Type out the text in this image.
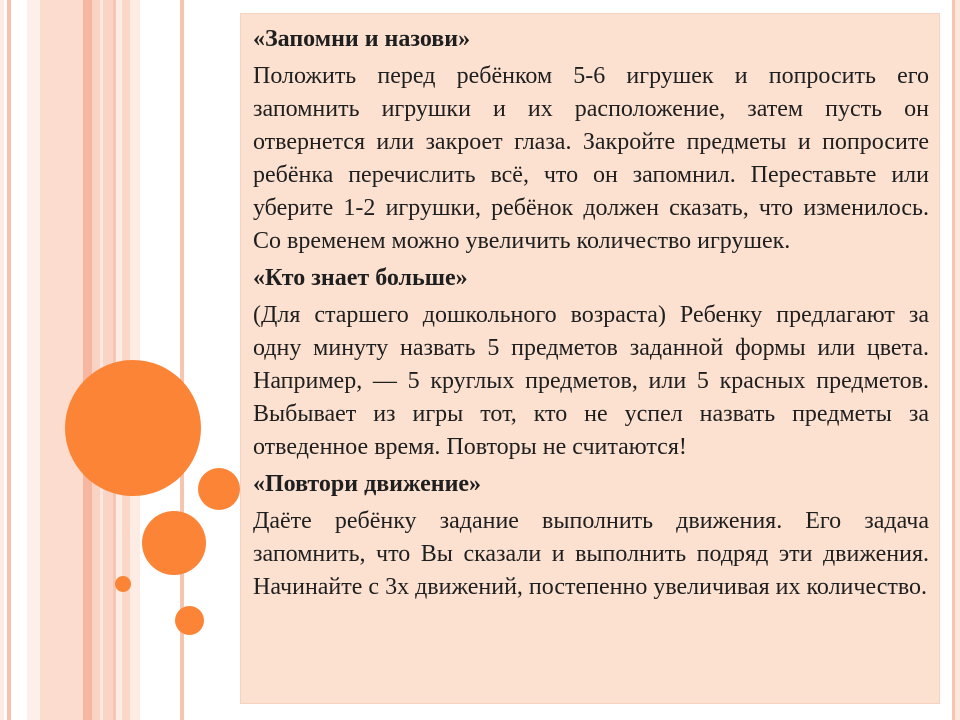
«Запомни и назови»

Положить перед ребёнком 5-6 игрушек и попросить его запомнить игрушки и их расположение, затем пусть он отвернется или закроет глаза. Закройте предметы и попросите ребёнка перечислить всё, что он запомнил. Переставьте или уберите 1-2 игрушки, ребёнок должен сказать, что изменилось. Со временем можно увеличить количество игрушек.

«Кто знает больше»

(Для старшего дошкольного возраста) Ребенку предлагают за одну минуту назвать 5 предметов заданной формы или цвета. Например, — 5 круглых предметов, или 5 красных предметов. Выбывает из игры тот, кто не успел назвать предметы за отведенное время. Повторы не считаются!

«Повтори движение»

Даёте ребёнку задание выполнить движения. Его задача запомнить, что Вы сказали и выполнить подряд эти движения. Начинайте с 3х движений, постепенно увеличивая их количество.
